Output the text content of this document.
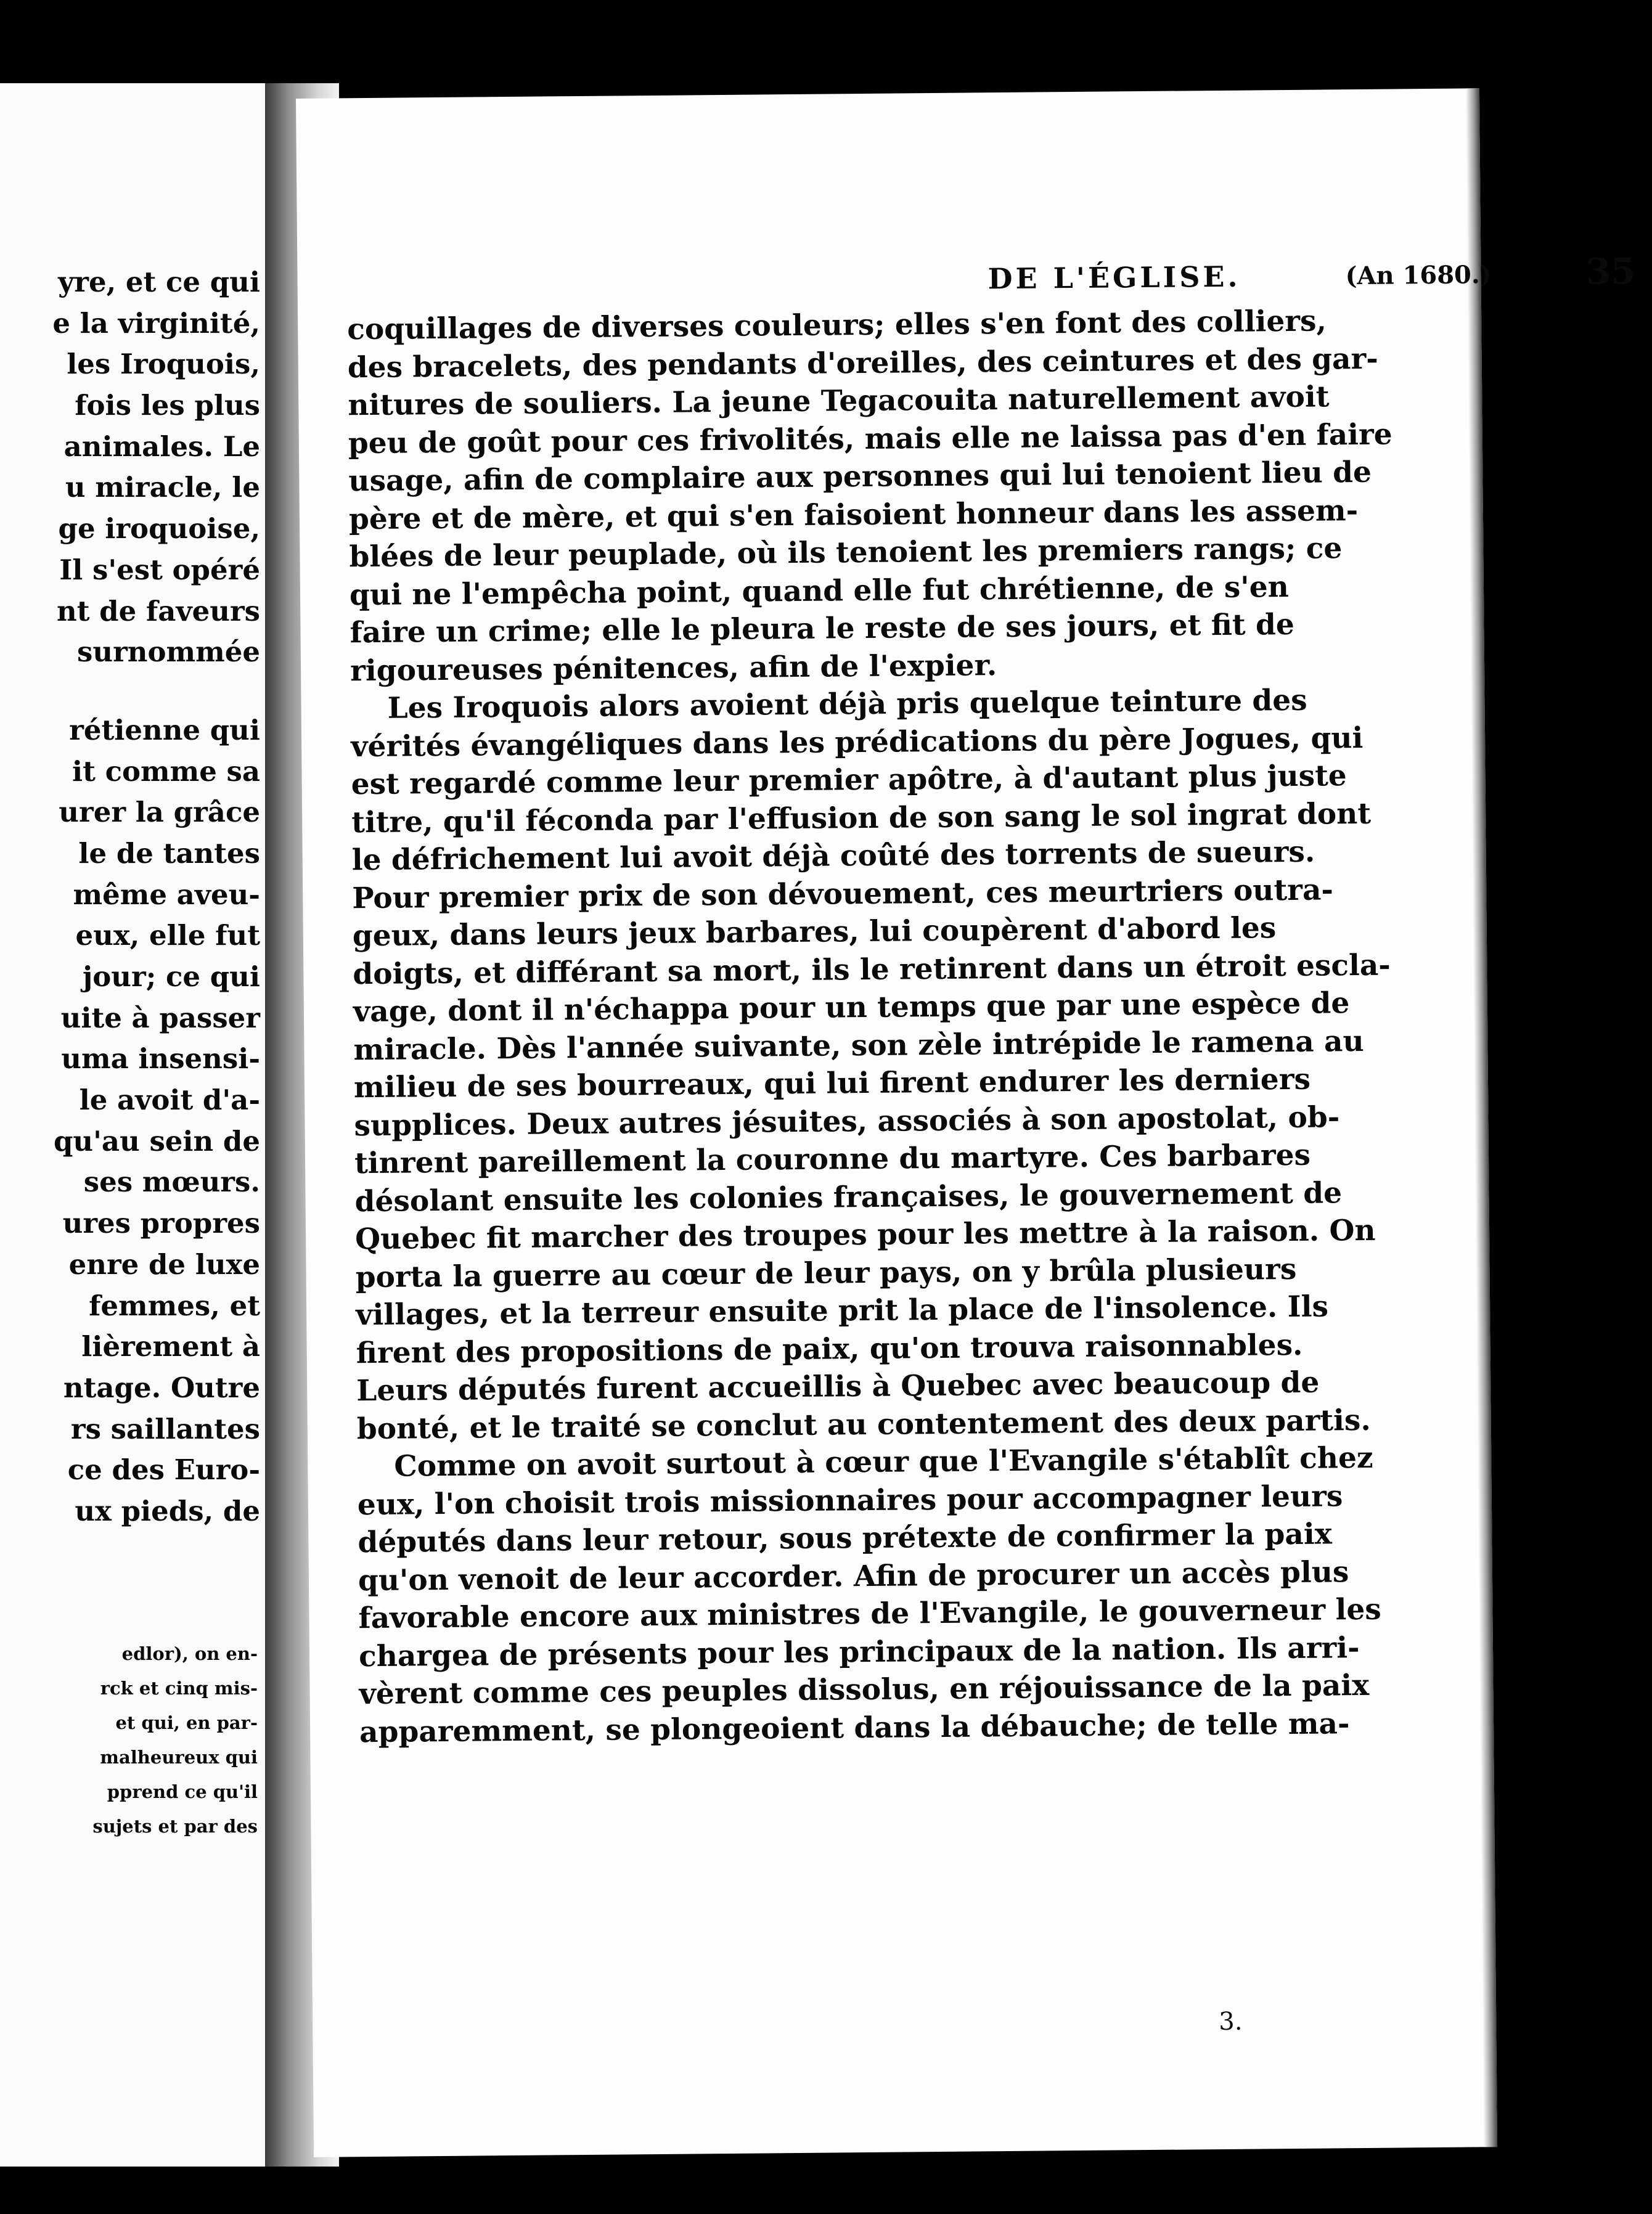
yre, et ce qui
e la virginité,
les Iroquois,
fois les plus
animales. Le
u miracle, le
ge iroquoise,
Il s'est opéré
nt de faveurs
surnommée
rétienne qui
it comme sa
urer la grâce
le de tantes
même aveu-
eux, elle fut
jour; ce qui
uite à passer
uma insensi-
le avoit d'a-
qu'au sein de
ses mœurs.
ures propres
enre de luxe
femmes, et
lièrement à
ntage. Outre
rs saillantes
ce des Euro-
ux pieds, de
edlor), on en-
rck et cinq mis-
et qui, en par-
malheureux qui
pprend ce qu'il
sujets et par des
DE L'ÉGLISE.	(An 1680.)	35
coquillages de diverses couleurs; elles s'en font des colliers,
des bracelets, des pendants d'oreilles, des ceintures et des gar-
nitures de souliers. La jeune Tegacouita naturellement avoit
peu de goût pour ces frivolités, mais elle ne laissa pas d'en faire
usage, afin de complaire aux personnes qui lui tenoient lieu de
père et de mère, et qui s'en faisoient honneur dans les assem-
blées de leur peuplade, où ils tenoient les premiers rangs; ce
qui ne l'empêcha point, quand elle fut chrétienne, de s'en
faire un crime; elle le pleura le reste de ses jours, et fit de
rigoureuses pénitences, afin de l'expier.
Les Iroquois alors avoient déjà pris quelque teinture des
vérités évangéliques dans les prédications du père Jogues, qui
est regardé comme leur premier apôtre, à d'autant plus juste
titre, qu'il féconda par l'effusion de son sang le sol ingrat dont
le défrichement lui avoit déjà coûté des torrents de sueurs.
Pour premier prix de son dévouement, ces meurtriers outra-
geux, dans leurs jeux barbares, lui coupèrent d'abord les
doigts, et différant sa mort, ils le retinrent dans un étroit escla-
vage, dont il n'échappa pour un temps que par une espèce de
miracle. Dès l'année suivante, son zèle intrépide le ramena au
milieu de ses bourreaux, qui lui firent endurer les derniers
supplices. Deux autres jésuites, associés à son apostolat, ob-
tinrent pareillement la couronne du martyre. Ces barbares
désolant ensuite les colonies françaises, le gouvernement de
Quebec fit marcher des troupes pour les mettre à la raison. On
porta la guerre au cœur de leur pays, on y brûla plusieurs
villages, et la terreur ensuite prit la place de l'insolence. Ils
firent des propositions de paix, qu'on trouva raisonnables.
Leurs députés furent accueillis à Quebec avec beaucoup de
bonté, et le traité se conclut au contentement des deux partis.
Comme on avoit surtout à cœur que l'Evangile s'établît chez
eux, l'on choisit trois missionnaires pour accompagner leurs
députés dans leur retour, sous prétexte de confirmer la paix
qu'on venoit de leur accorder. Afin de procurer un accès plus
favorable encore aux ministres de l'Evangile, le gouverneur les
chargea de présents pour les principaux de la nation. Ils arri-
vèrent comme ces peuples dissolus, en réjouissance de la paix
apparemment, se plongeoient dans la débauche; de telle ma-
3.
